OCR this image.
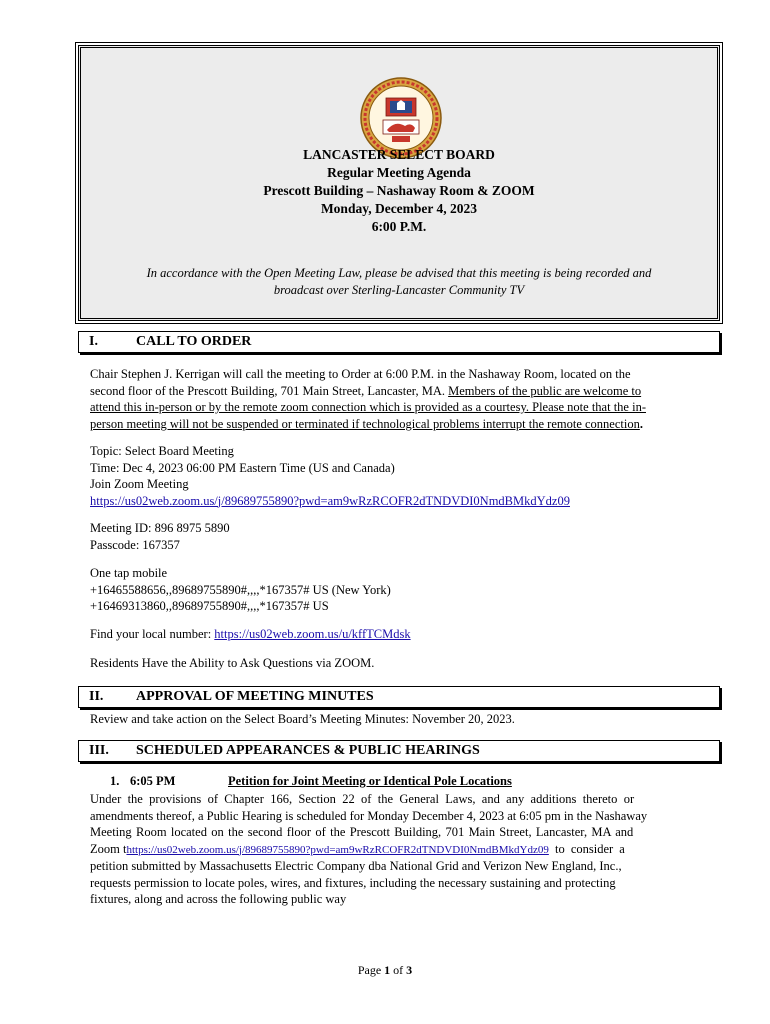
LANCASTER SELECT BOARD
Regular Meeting Agenda
Prescott Building – Nashaway Room & ZOOM
Monday, December 4, 2023
6:00 P.M.
In accordance with the Open Meeting Law, please be advised that this meeting is being recorded and
broadcast over Sterling-Lancaster Community TV
I.	CALL TO ORDER
Chair Stephen J. Kerrigan will call the meeting to Order at 6:00 P.M. in the Nashaway Room, located on the
second floor of the Prescott Building, 701 Main Street, Lancaster, MA. Members of the public are welcome to
attend this in-person or by the remote zoom connection which is provided as a courtesy. Please note that the in-
person meeting will not be suspended or terminated if technological problems interrupt the remote connection.
Topic: Select Board Meeting
Time: Dec 4, 2023 06:00 PM Eastern Time (US and Canada)
Join Zoom Meeting
https://us02web.zoom.us/j/89689755890?pwd=am9wRzRCOFR2dTNDVDI0NmdBMkdYdz09
Meeting ID: 896 8975 5890
Passcode: 167357
One tap mobile
+16465588656,,89689755890#,,,,*167357# US (New York)
+16469313860,,89689755890#,,,,*167357# US
Find your local number: https://us02web.zoom.us/u/kffTCMdsk
Residents Have the Ability to Ask Questions via ZOOM.
II. APPROVAL OF MEETING MINUTES
Review and take action on the Select Board’s Meeting Minutes: November 20, 2023.
III. SCHEDULED APPEARANCES & PUBLIC HEARINGS
1. 6:05 PM	Petition for Joint Meeting or Identical Pole Locations
Under the provisions of Chapter 166, Section 22 of the General Laws, and any additions thereto or
amendments thereof, a Public Hearing is scheduled for Monday December 4, 2023 at 6:05 pm in the Nashaway
Meeting Room located on the second floor of the Prescott Building, 701 Main Street, Lancaster, MA and
Zoom thttps://us02web.zoom.us/j/89689755890?pwd=am9wRzRCOFR2dTNDVDI0NmdBMkdYdz09 to consider a
petition submitted by Massachusetts Electric Company dba National Grid and Verizon New England, Inc.,
requests permission to locate poles, wires, and fixtures, including the necessary sustaining and protecting
fixtures, along and across the following public way
Page 1 of 3
